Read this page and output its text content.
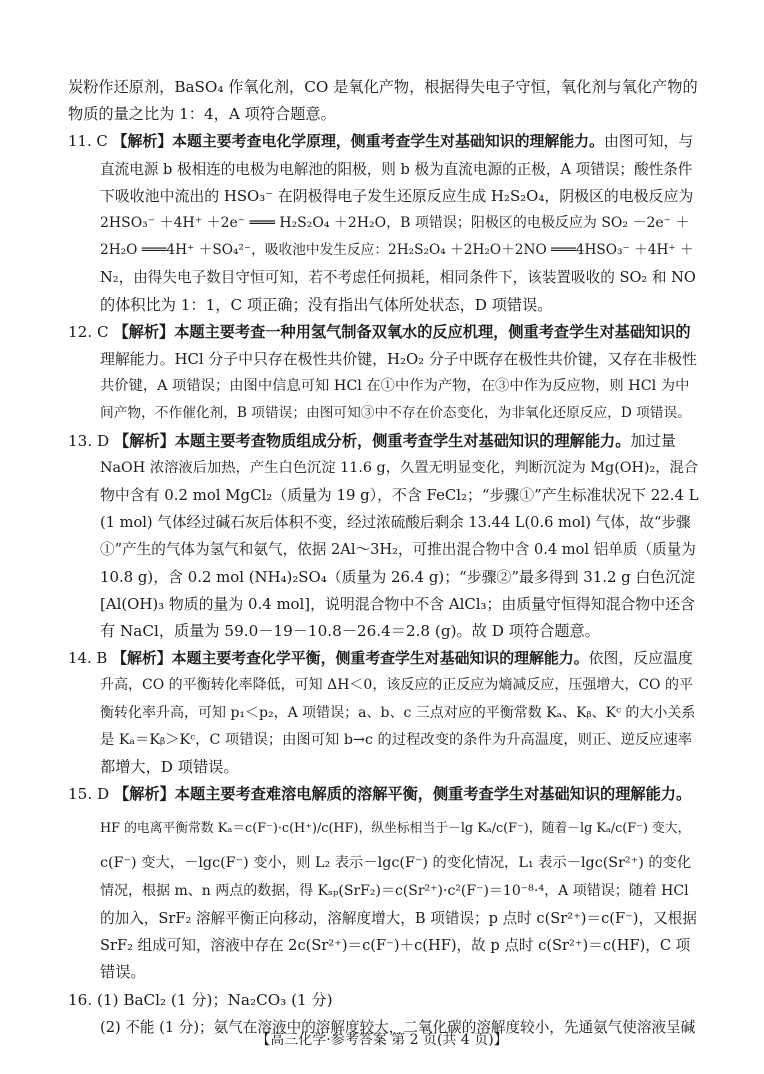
炭粉作还原剂，BaSO₄ 作氧化剂，CO 是氧化产物，根据得失电子守恒，氧化剂与氧化产物的
物质的量之比为 1：4，A 项符合题意。
11. C 【解析】本题主要考查电化学原理，侧重考查学生对基础知识的理解能力。由图可知，与
直流电源 b 极相连的电极为电解池的阳极，则 b 极为直流电源的正极，A 项错误；酸性条件
下吸收池中流出的 HSO₃⁻ 在阴极得电子发生还原反应生成 H₂S₂O₄，阴极区的电极反应为
2HSO₃⁻ ＋4H⁺ ＋2e⁻ ═══ H₂S₂O₄ ＋2H₂O，B 项错误；阳极区的电极反应为 SO₂ －2e⁻ ＋
2H₂O ═══4H⁺ ＋SO₄²⁻，吸收池中发生反应：2H₂S₂O₄ ＋2H₂O＋2NO ═══4HSO₃⁻ ＋4H⁺ ＋
N₂，由得失电子数目守恒可知，若不考虑任何损耗，相同条件下，该装置吸收的 SO₂ 和 NO
的体积比为 1：1，C 项正确；没有指出气体所处状态，D 项错误。
12. C 【解析】本题主要考查一种用氢气制备双氧水的反应机理，侧重考查学生对基础知识的
理解能力。HCl 分子中只存在极性共价键，H₂O₂ 分子中既存在极性共价键，又存在非极性
共价键，A 项错误；由图中信息可知 HCl 在①中作为产物，在③中作为反应物，则 HCl 为中
间产物，不作催化剂，B 项错误；由图可知③中不存在价态变化，为非氧化还原反应，D 项错误。
13. D 【解析】本题主要考查物质组成分析，侧重考查学生对基础知识的理解能力。加过量
NaOH 浓溶液后加热，产生白色沉淀 11.6 g，久置无明显变化，判断沉淀为 Mg(OH)₂，混合
物中含有 0.2 mol MgCl₂（质量为 19 g），不含 FeCl₂；“步骤①”产生标准状况下 22.4 L
(1 mol) 气体经过碱石灰后体积不变，经过浓硫酸后剩余 13.44 L(0.6 mol) 气体，故“步骤
①”产生的气体为氢气和氨气，依据 2Al～3H₂，可推出混合物中含 0.4 mol 铝单质（质量为
10.8 g)，含 0.2 mol (NH₄)₂SO₄（质量为 26.4 g)；“步骤②”最多得到 31.2 g 白色沉淀
[Al(OH)₃ 物质的量为 0.4 mol]，说明混合物中不含 AlCl₃；由质量守恒得知混合物中还含
有 NaCl，质量为 59.0－19－10.8－26.4＝2.8 (g)。故 D 项符合题意。
14. B 【解析】本题主要考查化学平衡，侧重考查学生对基础知识的理解能力。依图，反应温度
升高，CO 的平衡转化率降低，可知 ΔH＜0，该反应的正反应为熵减反应，压强增大，CO 的平
衡转化率升高，可知 p₁＜p₂，A 项错误；a、b、c 三点对应的平衡常数 Kₐ、Kᵦ、Kᶜ 的大小关系
是 Kₐ＝Kᵦ＞Kᶜ，C 项错误；由图可知 b→c 的过程改变的条件为升高温度，则正、逆反应速率
都增大，D 项错误。
15. D 【解析】本题主要考查难溶电解质的溶解平衡，侧重考查学生对基础知识的理解能力。
HF 的电离平衡常数 Kₐ＝c(F⁻)·c(H⁺)/c(HF)，纵坐标相当于－lg Kₐ/c(F⁻)，随着－lg Kₐ/c(F⁻) 变大，
c(F⁻) 变大，－lgc(F⁻) 变小，则 L₂ 表示－lgc(F⁻) 的变化情况，L₁ 表示－lgc(Sr²⁺) 的变化
情况，根据 m、n 两点的数据，得 Kₛₚ(SrF₂)＝c(Sr²⁺)·c²(F⁻)＝10⁻⁸⋅⁴，A 项错误；随着 HCl
的加入，SrF₂ 溶解平衡正向移动，溶解度增大，B 项错误；p 点时 c(Sr²⁺)＝c(F⁻)，又根据
SrF₂ 组成可知，溶液中存在 2c(Sr²⁺)＝c(F⁻)＋c(HF)，故 p 点时 c(Sr²⁺)＝c(HF)，C 项
错误。
16. (1) BaCl₂ (1 分)；Na₂CO₃ (1 分)
(2) 不能 (1 分)；氨气在溶液中的溶解度较大，二氧化碳的溶解度较小，先通氨气使溶液呈碱
【高三化学·参考答案 第 2 页(共 4 页)】
